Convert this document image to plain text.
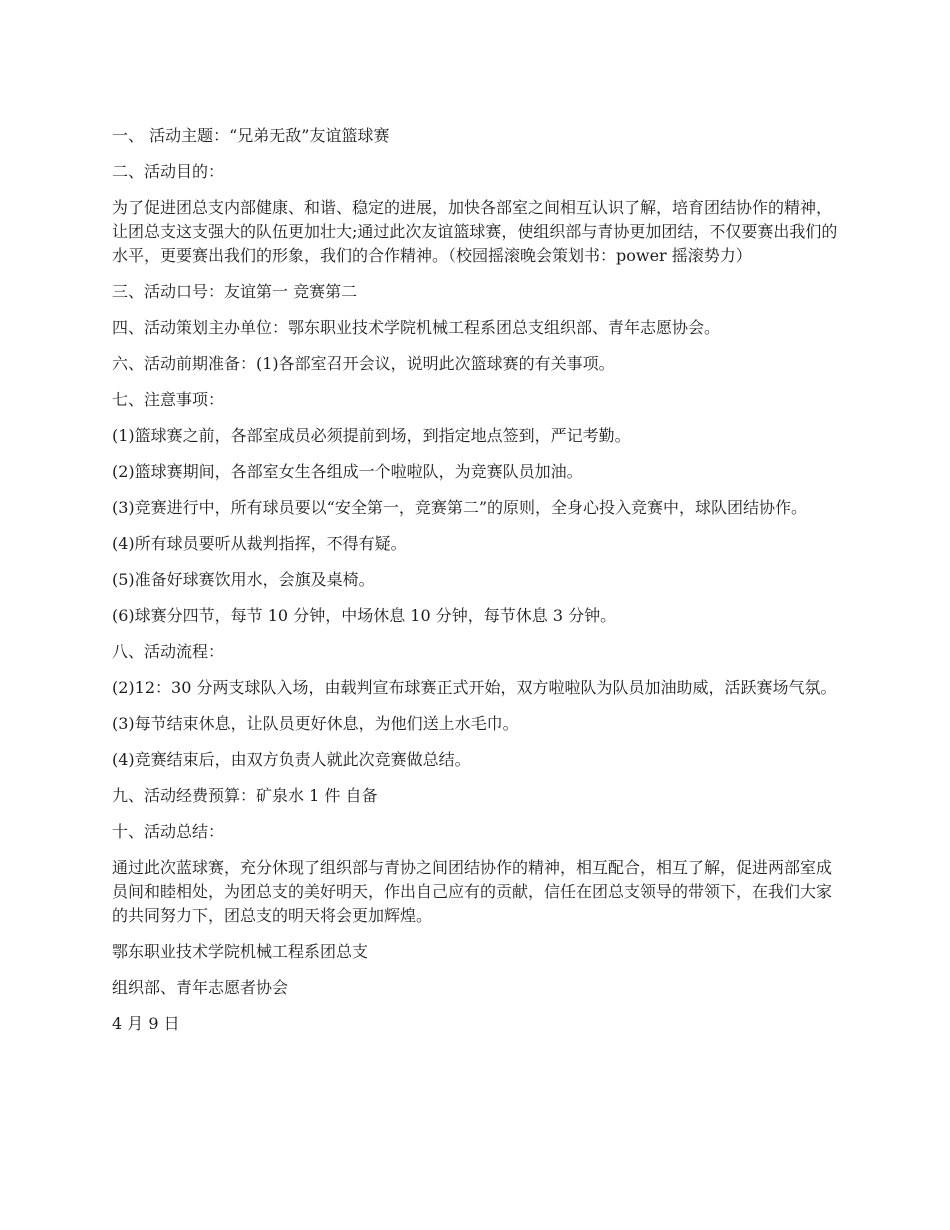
一、 活动主题：“兄弟无敌”友谊篮球赛

二、活动目的：

为了促进团总支内部健康、和谐、稳定的进展，加快各部室之间相互认识了解，培育团结协作的精神，让团总支这支强大的队伍更加壮大;通过此次友谊篮球赛，使组织部与青协更加团结，不仅要赛出我们的水平，更要赛出我们的形象，我们的合作精神。（校园摇滚晚会策划书：power 摇滚势力）

三、活动口号：友谊第一 竞赛第二

四、活动策划主办单位：鄂东职业技术学院机械工程系团总支组织部、青年志愿协会。

六、活动前期准备：(1)各部室召开会议，说明此次篮球赛的有关事项。

七、注意事项：

(1)篮球赛之前，各部室成员必须提前到场，到指定地点签到，严记考勤。

(2)篮球赛期间，各部室女生各组成一个啦啦队，为竞赛队员加油。

(3)竞赛进行中，所有球员要以“安全第一，竞赛第二”的原则，全身心投入竞赛中，球队团结协作。

(4)所有球员要听从裁判指挥，不得有疑。

(5)准备好球赛饮用水，会旗及桌椅。

(6)球赛分四节，每节 10 分钟，中场休息 10 分钟，每节休息 3 分钟。

八、活动流程：

(2)12：30 分两支球队入场，由载判宣布球赛正式开始，双方啦啦队为队员加油助威，活跃赛场气氛。

(3)每节结束休息，让队员更好休息，为他们送上水毛巾。

(4)竞赛结束后，由双方负责人就此次竞赛做总结。

九、活动经费预算：矿泉水 1 件 自备

十、活动总结：

通过此次蓝球赛，充分休现了组织部与青协之间团结协作的精神，相互配合，相互了解，促进两部室成员间和睦相处，为团总支的美好明天，作出自己应有的贡献，信任在团总支领导的带领下，在我们大家的共同努力下，团总支的明天将会更加辉煌。

鄂东职业技术学院机械工程系团总支

组织部、青年志愿者协会

4 月 9 日
